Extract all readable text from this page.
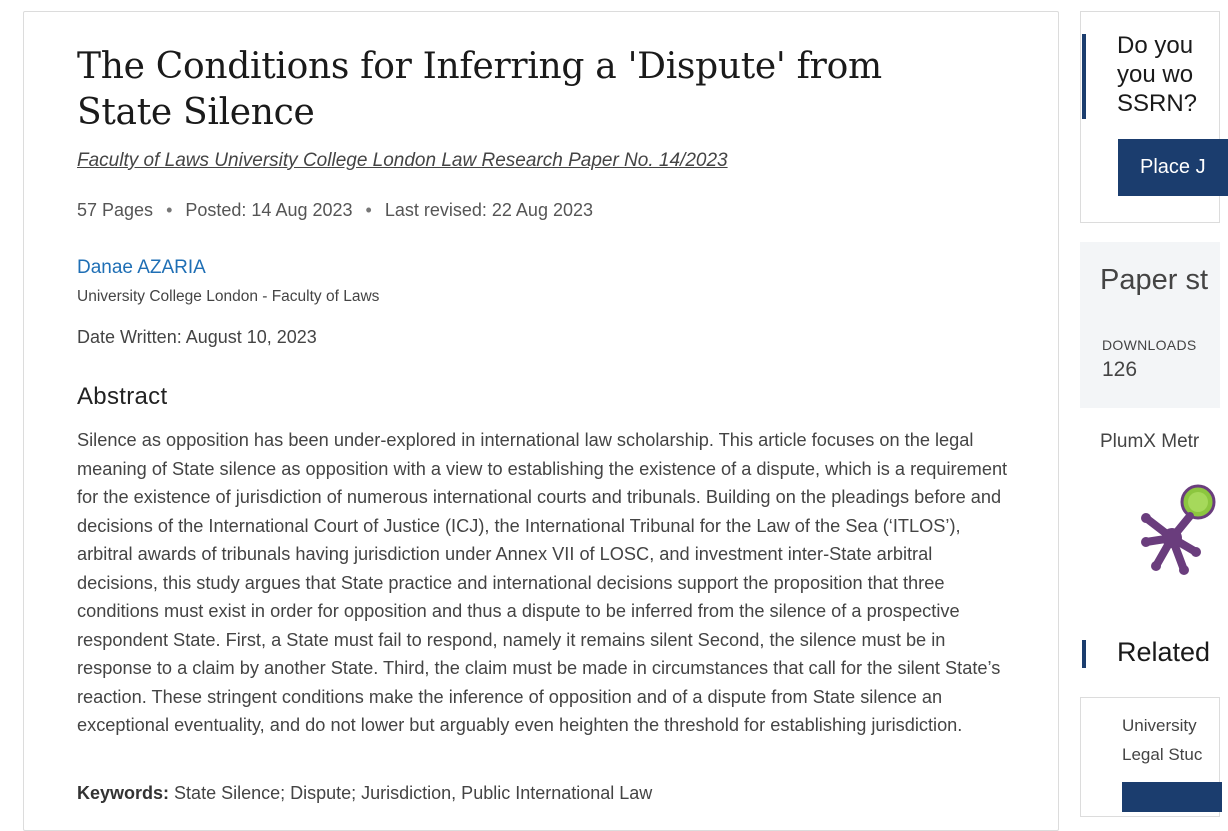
The Conditions for Inferring a 'Dispute' from State Silence
Faculty of Laws University College London Law Research Paper No. 14/2023
57 Pages • Posted: 14 Aug 2023 • Last revised: 22 Aug 2023
Danae AZARIA
University College London - Faculty of Laws
Date Written: August 10, 2023
Abstract

Silence as opposition has been under-explored in international law scholarship. This article focuses on the legal meaning of State silence as opposition with a view to establishing the existence of a dispute, which is a requirement for the existence of jurisdiction of numerous international courts and tribunals. Building on the pleadings before and decisions of the International Court of Justice (ICJ), the International Tribunal for the Law of the Sea (‘ITLOS’), arbitral awards of tribunals having jurisdiction under Annex VII of LOSC, and investment inter-State arbitral decisions, this study argues that State practice and international decisions support the proposition that three conditions must exist in order for opposition and thus a dispute to be inferred from the silence of a prospective respondent State. First, a State must fail to respond, namely it remains silent Second, the silence must be in response to a claim by another State. Third, the claim must be made in circumstances that call for the silent State’s reaction. These stringent conditions make the inference of opposition and of a dispute from State silence an exceptional eventuality, and do not lower but arguably even heighten the threshold for establishing jurisdiction.

Keywords: State Silence; Dispute; Jurisdiction, Public International Law
Do you
you wo
SSRN?
Place J
Paper st
DOWNLOADS
126
PlumX Metr
Related
University
Legal Stuc
